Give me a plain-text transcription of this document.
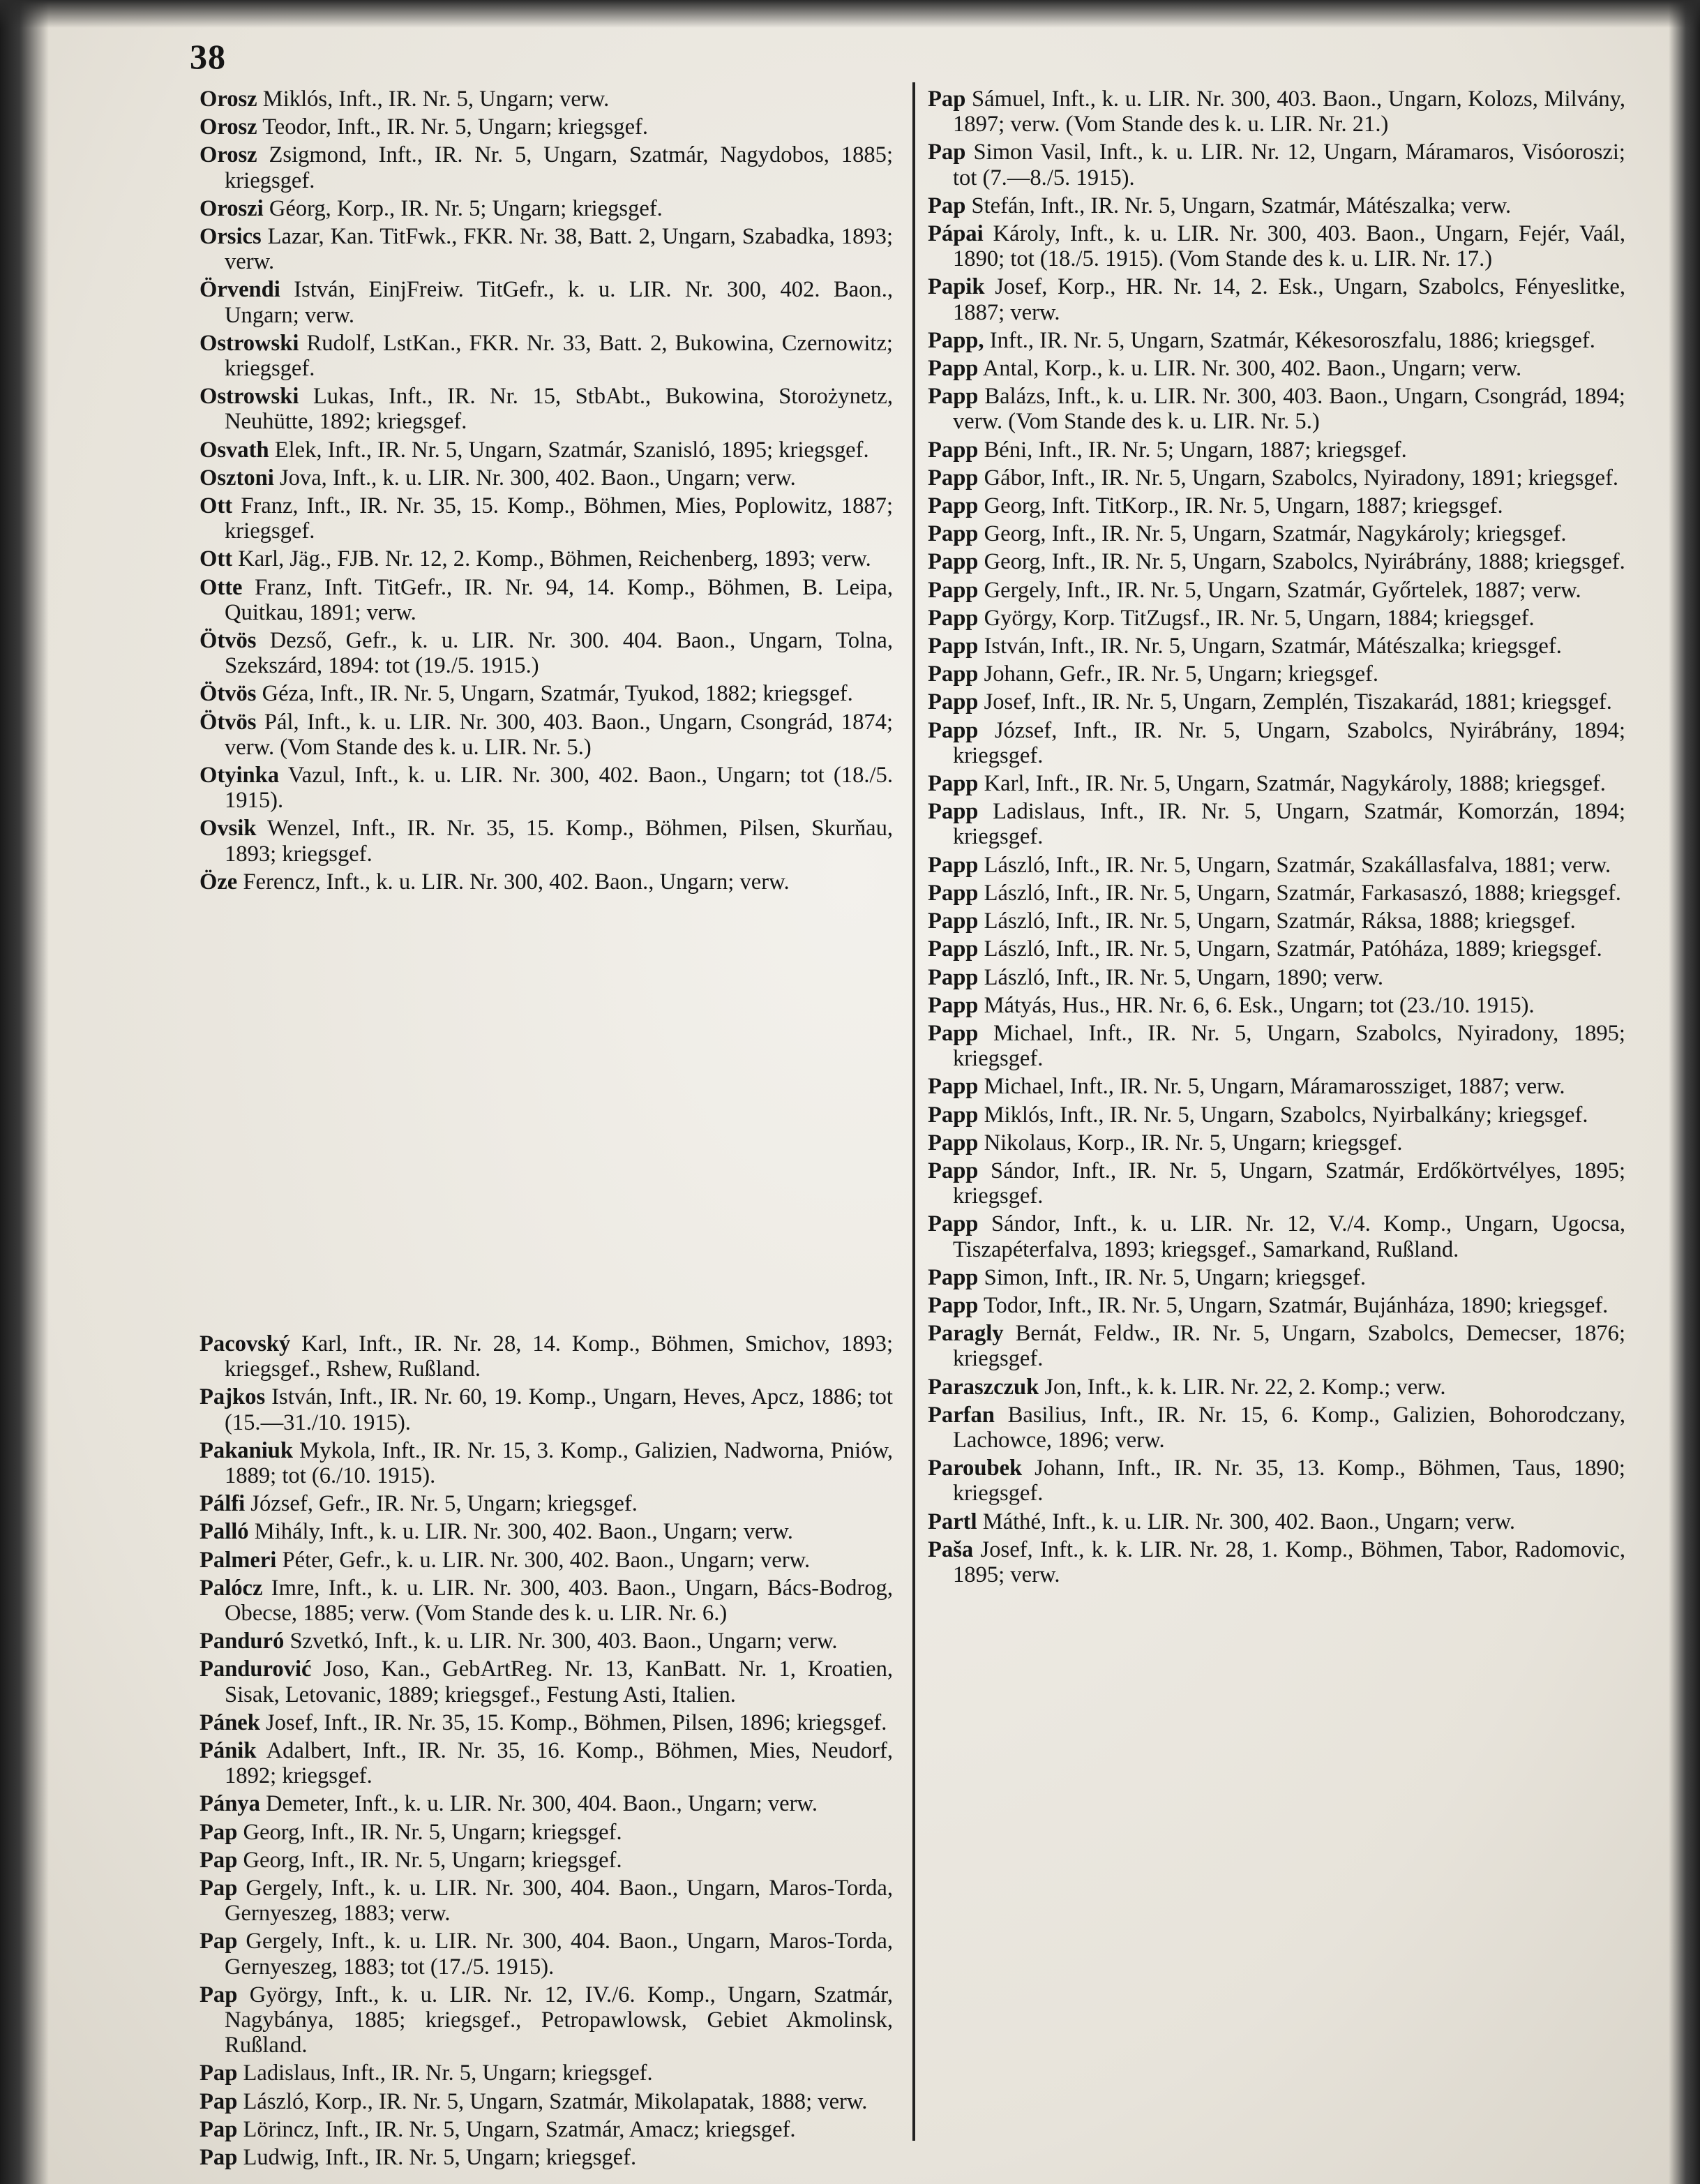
38

Orosz Miklós, Inft., IR. Nr. 5, Ungarn; verw.

Orosz Teodor, Inft., IR. Nr. 5, Ungarn; kriegsgef.

Orosz Zsigmond, Inft., IR. Nr. 5, Ungarn, Szatmár, Nagydobos, 1885; kriegsgef.

Oroszi Géorg, Korp., IR. Nr. 5; Ungarn; kriegsgef.

Orsics Lazar, Kan. TitFwk., FKR. Nr. 38, Batt. 2, Ungarn, Szabadka, 1893; verw.

Örvendi István, EinjFreiw. TitGefr., k. u. LIR. Nr. 300, 402. Baon., Ungarn; verw.

Ostrowski Rudolf, LstKan., FKR. Nr. 33, Batt. 2, Bukowina, Czernowitz; kriegsgef.

Ostrowski Lukas, Inft., IR. Nr. 15, StbAbt., Bukowina, Storożynetz, Neuhütte, 1892; kriegsgef.

Osvath Elek, Inft., IR. Nr. 5, Ungarn, Szatmár, Szanisló, 1895; kriegsgef.

Osztoni Jova, Inft., k. u. LIR. Nr. 300, 402. Baon., Ungarn; verw.

Ott Franz, Inft., IR. Nr. 35, 15. Komp., Böhmen, Mies, Poplowitz, 1887; kriegsgef.

Ott Karl, Jäg., FJB. Nr. 12, 2. Komp., Böhmen, Reichenberg, 1893; verw.

Otte Franz, Inft. TitGefr., IR. Nr. 94, 14. Komp., Böhmen, B. Leipa, Quitkau, 1891; verw.

Ötvös Dezső, Gefr., k. u. LIR. Nr. 300. 404. Baon., Ungarn, Tolna, Szekszárd, 1894: tot (19./5. 1915.)

Ötvös Géza, Inft., IR. Nr. 5, Ungarn, Szatmár, Tyukod, 1882; kriegsgef.

Ötvös Pál, Inft., k. u. LIR. Nr. 300, 403. Baon., Ungarn, Csongrád, 1874; verw. (Vom Stande des k. u. LIR. Nr. 5.)

Otyinka Vazul, Inft., k. u. LIR. Nr. 300, 402. Baon., Ungarn; tot (18./5. 1915).

Ovsik Wenzel, Inft., IR. Nr. 35, 15. Komp., Böhmen, Pilsen, Skurňau, 1893; kriegsgef.

Öze Ferencz, Inft., k. u. LIR. Nr. 300, 402. Baon., Ungarn; verw.

Pacovský Karl, Inft., IR. Nr. 28, 14. Komp., Böhmen, Smichov, 1893; kriegsgef., Rshew, Rußland.

Pajkos István, Inft., IR. Nr. 60, 19. Komp., Ungarn, Heves, Apcz, 1886; tot (15.—31./10. 1915).

Pakaniuk Mykola, Inft., IR. Nr. 15, 3. Komp., Galizien, Nadworna, Pniów, 1889; tot (6./10. 1915).

Pálfi József, Gefr., IR. Nr. 5, Ungarn; kriegsgef.

Palló Mihály, Inft., k. u. LIR. Nr. 300, 402. Baon., Ungarn; verw.

Palmeri Péter, Gefr., k. u. LIR. Nr. 300, 402. Baon., Ungarn; verw.

Palócz Imre, Inft., k. u. LIR. Nr. 300, 403. Baon., Ungarn, Bács-Bodrog, Obecse, 1885; verw. (Vom Stande des k. u. LIR. Nr. 6.)

Panduró Szvetkó, Inft., k. u. LIR. Nr. 300, 403. Baon., Ungarn; verw.

Pandurović Joso, Kan., GebArtReg. Nr. 13, KanBatt. Nr. 1, Kroatien, Sisak, Letovanic, 1889; kriegsgef., Festung Asti, Italien.

Pánek Josef, Inft., IR. Nr. 35, 15. Komp., Böhmen, Pilsen, 1896; kriegsgef.

Pánik Adalbert, Inft., IR. Nr. 35, 16. Komp., Böhmen, Mies, Neudorf, 1892; kriegsgef.

Pánya Demeter, Inft., k. u. LIR. Nr. 300, 404. Baon., Ungarn; verw.

Pap Georg, Inft., IR. Nr. 5, Ungarn; kriegsgef.

Pap Georg, Inft., IR. Nr. 5, Ungarn; kriegsgef.

Pap Gergely, Inft., k. u. LIR. Nr. 300, 404. Baon., Ungarn, Maros-Torda, Gernyeszeg, 1883; verw.

Pap Gergely, Inft., k. u. LIR. Nr. 300, 404. Baon., Ungarn, Maros-Torda, Gernyeszeg, 1883; tot (17./5. 1915).

Pap György, Inft., k. u. LIR. Nr. 12, IV./6. Komp., Ungarn, Szatmár, Nagybánya, 1885; kriegsgef., Petropawlowsk, Gebiet Akmolinsk, Rußland.

Pap Ladislaus, Inft., IR. Nr. 5, Ungarn; kriegsgef.

Pap László, Korp., IR. Nr. 5, Ungarn, Szatmár, Mikolapatak, 1888; verw.

Pap Lörincz, Inft., IR. Nr. 5, Ungarn, Szatmár, Amacz; kriegsgef.

Pap Ludwig, Inft., IR. Nr. 5, Ungarn; kriegsgef.

Pap Sámuel, Inft., k. u. LIR. Nr. 300, 403. Baon., Ungarn, Kolozs, Milvány, 1897; verw. (Vom Stande des k. u. LIR. Nr. 21.)

Pap Simon Vasil, Inft., k. u. LIR. Nr. 12, Ungarn, Máramaros, Visóoroszi; tot (7.—8./5. 1915).

Pap Stefán, Inft., IR. Nr. 5, Ungarn, Szatmár, Mátészalka; verw.

Pápai Károly, Inft., k. u. LIR. Nr. 300, 403. Baon., Ungarn, Fejér, Vaál, 1890; tot (18./5. 1915). (Vom Stande des k. u. LIR. Nr. 17.)

Papik Josef, Korp., HR. Nr. 14, 2. Esk., Ungarn, Szabolcs, Fényeslitke, 1887; verw.

Papp, Inft., IR. Nr. 5, Ungarn, Szatmár, Kékesoroszfalu, 1886; kriegsgef.

Papp Antal, Korp., k. u. LIR. Nr. 300, 402. Baon., Ungarn; verw.

Papp Balázs, Inft., k. u. LIR. Nr. 300, 403. Baon., Ungarn, Csongrád, 1894; verw. (Vom Stande des k. u. LIR. Nr. 5.)

Papp Béni, Inft., IR. Nr. 5; Ungarn, 1887; kriegsgef.

Papp Gábor, Inft., IR. Nr. 5, Ungarn, Szabolcs, Nyiradony, 1891; kriegsgef.

Papp Georg, Inft. TitKorp., IR. Nr. 5, Ungarn, 1887; kriegsgef.

Papp Georg, Inft., IR. Nr. 5, Ungarn, Szatmár, Nagykároly; kriegsgef.

Papp Georg, Inft., IR. Nr. 5, Ungarn, Szabolcs, Nyirábrány, 1888; kriegsgef.

Papp Gergely, Inft., IR. Nr. 5, Ungarn, Szatmár, Győrtelek, 1887; verw.

Papp György, Korp. TitZugsf., IR. Nr. 5, Ungarn, 1884; kriegsgef.

Papp István, Inft., IR. Nr. 5, Ungarn, Szatmár, Mátészalka; kriegsgef.

Papp Johann, Gefr., IR. Nr. 5, Ungarn; kriegsgef.

Papp Josef, Inft., IR. Nr. 5, Ungarn, Zemplén, Tiszakarád, 1881; kriegsgef.

Papp József, Inft., IR. Nr. 5, Ungarn, Szabolcs, Nyirábrány, 1894; kriegsgef.

Papp Karl, Inft., IR. Nr. 5, Ungarn, Szatmár, Nagykároly, 1888; kriegsgef.

Papp Ladislaus, Inft., IR. Nr. 5, Ungarn, Szatmár, Komorzán, 1894; kriegsgef.

Papp László, Inft., IR. Nr. 5, Ungarn, Szatmár, Szakállasfalva, 1881; verw.

Papp László, Inft., IR. Nr. 5, Ungarn, Szatmár, Farkasaszó, 1888; kriegsgef.

Papp László, Inft., IR. Nr. 5, Ungarn, Szatmár, Ráksa, 1888; kriegsgef.

Papp László, Inft., IR. Nr. 5, Ungarn, Szatmár, Patóháza, 1889; kriegsgef.

Papp László, Inft., IR. Nr. 5, Ungarn, 1890; verw.

Papp Mátyás, Hus., HR. Nr. 6, 6. Esk., Ungarn; tot (23./10. 1915).

Papp Michael, Inft., IR. Nr. 5, Ungarn, Szabolcs, Nyiradony, 1895; kriegsgef.

Papp Michael, Inft., IR. Nr. 5, Ungarn, Máramarossziget, 1887; verw.

Papp Miklós, Inft., IR. Nr. 5, Ungarn, Szabolcs, Nyirbalkány; kriegsgef.

Papp Nikolaus, Korp., IR. Nr. 5, Ungarn; kriegsgef.

Papp Sándor, Inft., IR. Nr. 5, Ungarn, Szatmár, Erdőkörtvélyes, 1895; kriegsgef.

Papp Sándor, Inft., k. u. LIR. Nr. 12, V./4. Komp., Ungarn, Ugocsa, Tiszapéterfalva, 1893; kriegsgef., Samarkand, Rußland.

Papp Simon, Inft., IR. Nr. 5, Ungarn; kriegsgef.

Papp Todor, Inft., IR. Nr. 5, Ungarn, Szatmár, Bujánháza, 1890; kriegsgef.

Paragly Bernát, Feldw., IR. Nr. 5, Ungarn, Szabolcs, Demecser, 1876; kriegsgef.

Paraszczuk Jon, Inft., k. k. LIR. Nr. 22, 2. Komp.; verw.

Parfan Basilius, Inft., IR. Nr. 15, 6. Komp., Galizien, Bohorodczany, Lachowce, 1896; verw.

Paroubek Johann, Inft., IR. Nr. 35, 13. Komp., Böhmen, Taus, 1890; kriegsgef.

Partl Máthé, Inft., k. u. LIR. Nr. 300, 402. Baon., Ungarn; verw.

Paša Josef, Inft., k. k. LIR. Nr. 28, 1. Komp., Böhmen, Tabor, Radomovic, 1895; verw.
